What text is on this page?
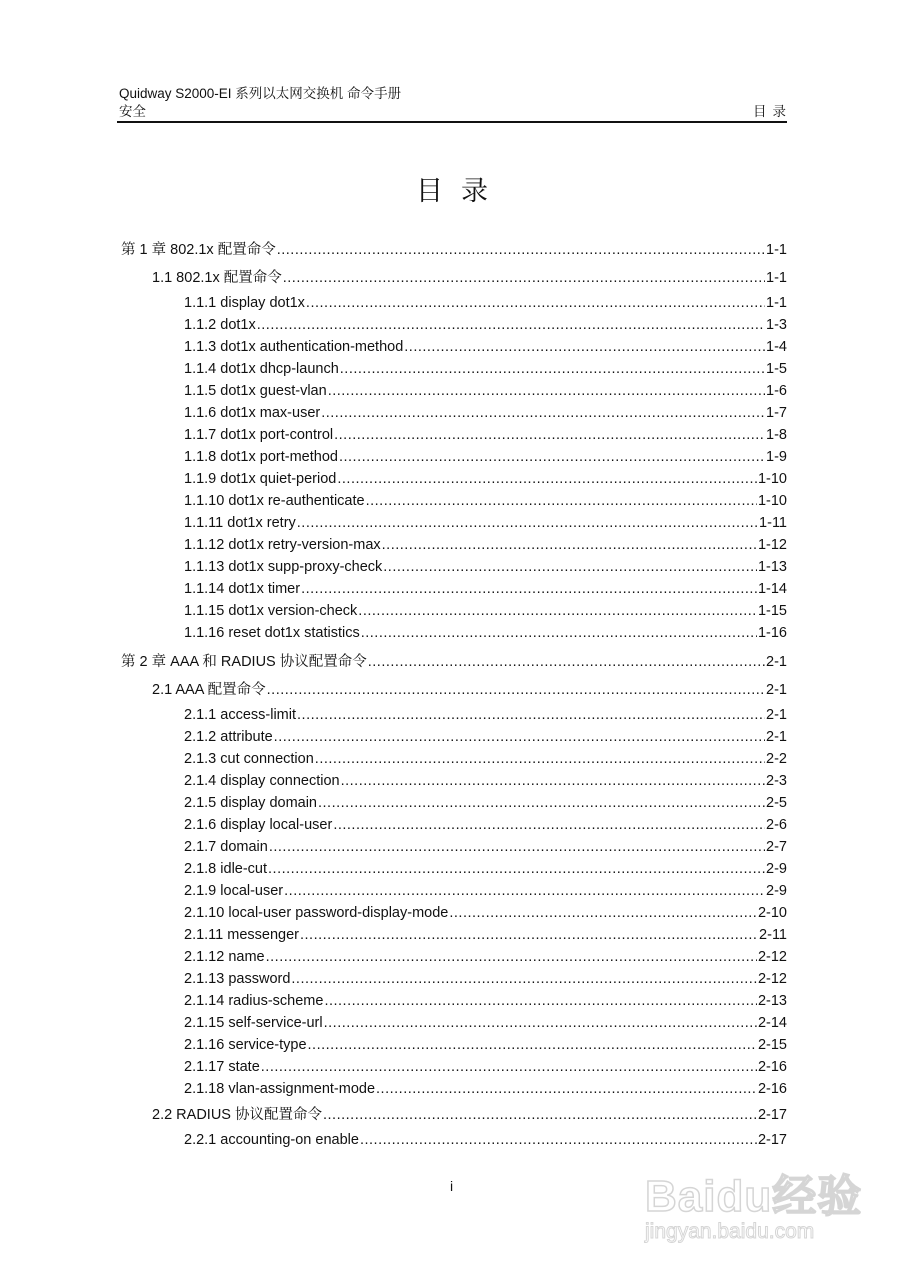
Quidway S2000-EI 系列以太网交换机 命令手册
安全	目录
目录
第 1 章 802.1x 配置命令 .....	1-1
1.1 802.1x 配置命令 .....	1-1
1.1.1 display dot1x .....	1-1
1.1.2 dot1x .....	1-3
1.1.3 dot1x authentication-method .....	1-4
1.1.4 dot1x dhcp-launch .....	1-5
1.1.5 dot1x guest-vlan .....	1-6
1.1.6 dot1x max-user .....	1-7
1.1.7 dot1x port-control .....	1-8
1.1.8 dot1x port-method .....	1-9
1.1.9 dot1x quiet-period .....	1-10
1.1.10 dot1x re-authenticate .....	1-10
1.1.11 dot1x retry .....	1-11
1.1.12 dot1x retry-version-max .....	1-12
1.1.13 dot1x supp-proxy-check .....	1-13
1.1.14 dot1x timer .....	1-14
1.1.15 dot1x version-check .....	1-15
1.1.16 reset dot1x statistics .....	1-16
第 2 章 AAA 和 RADIUS 协议配置命令 .....	2-1
2.1 AAA 配置命令 .....	2-1
2.1.1 access-limit .....	2-1
2.1.2 attribute .....	2-1
2.1.3 cut connection .....	2-2
2.1.4 display connection .....	2-3
2.1.5 display domain .....	2-5
2.1.6 display local-user .....	2-6
2.1.7 domain .....	2-7
2.1.8 idle-cut .....	2-9
2.1.9 local-user .....	2-9
2.1.10 local-user password-display-mode .....	2-10
2.1.11 messenger .....	2-11
2.1.12 name .....	2-12
2.1.13 password .....	2-12
2.1.14 radius-scheme .....	2-13
2.1.15 self-service-url .....	2-14
2.1.16 service-type .....	2-15
2.1.17 state .....	2-16
2.1.18 vlan-assignment-mode .....	2-16
2.2 RADIUS 协议配置命令 .....	2-17
2.2.1 accounting-on enable .....	2-17
i	Baidu经验
jingyan.baidu.com
